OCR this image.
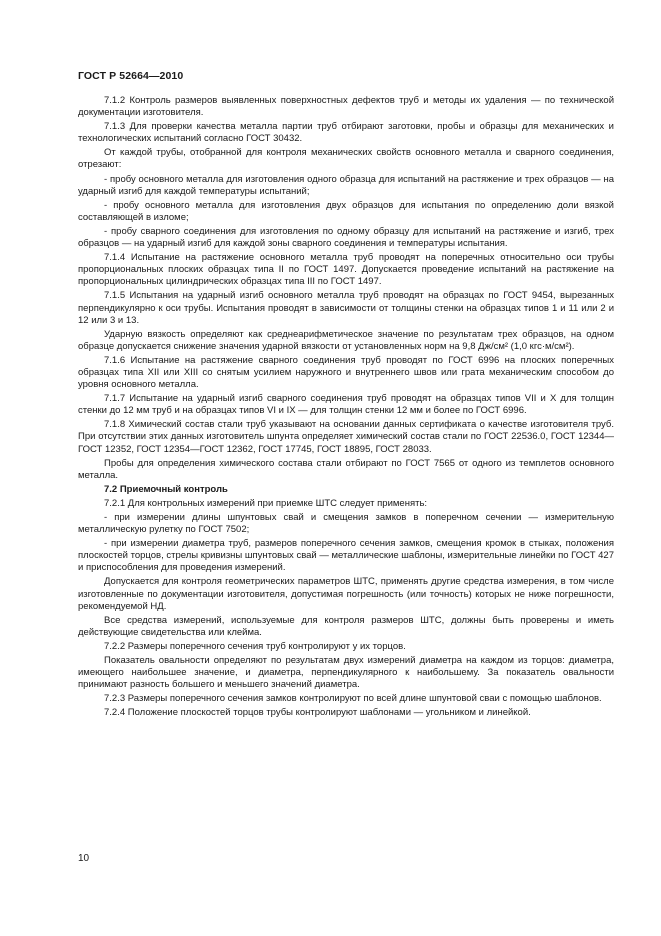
ГОСТ Р 52664—2010

7.1.2 Контроль размеров выявленных поверхностных дефектов труб и методы их удаления — по технической документации изготовителя.

7.1.3 Для проверки качества металла партии труб отбирают заготовки, пробы и образцы для механических и технологических испытаний согласно ГОСТ 30432.

От каждой трубы, отобранной для контроля механических свойств основного металла и сварного соединения, отрезают:

- пробу основного металла для изготовления одного образца для испытаний на растяжение и трех образцов — на ударный изгиб для каждой температуры испытаний;

- пробу основного металла для изготовления двух образцов для испытания по определению доли вязкой составляющей в изломе;

- пробу сварного соединения для изготовления по одному образцу для испытаний на растяжение и изгиб, трех образцов — на ударный изгиб для каждой зоны сварного соединения и температуры испытания.

7.1.4 Испытание на растяжение основного металла труб проводят на поперечных относительно оси трубы пропорциональных плоских образцах типа II по ГОСТ 1497. Допускается проведение испытаний на растяжение на пропорциональных цилиндрических образцах типа III по ГОСТ 1497.

7.1.5 Испытания на ударный изгиб основного металла труб проводят на образцах по ГОСТ 9454, вырезанных перпендикулярно к оси трубы. Испытания проводят в зависимости от толщины стенки на образцах типов 1 и 11 или 2 и 12 или 3 и 13.

Ударную вязкость определяют как среднеарифметическое значение по результатам трех образцов, на одном образце допускается снижение значения ударной вязкости от установленных норм на 9,8 Дж/см² (1,0 кгс·м/см²).

7.1.6 Испытание на растяжение сварного соединения труб проводят по ГОСТ 6996 на плоских поперечных образцах типа XII или XIII со снятым усилием наружного и внутреннего швов или грата механическим способом до уровня основного металла.

7.1.7 Испытание на ударный изгиб сварного соединения труб проводят на образцах типов VII и X для толщин стенки до 12 мм труб и на образцах типов VI и IX — для толщин стенки 12 мм и более по ГОСТ 6996.

7.1.8 Химический состав стали труб указывают на основании данных сертификата о качестве изготовителя труб. При отсутствии этих данных изготовитель шпунта определяет химический состав стали по ГОСТ 22536.0, ГОСТ 12344—ГОСТ 12352, ГОСТ 12354—ГОСТ 12362, ГОСТ 17745, ГОСТ 18895, ГОСТ 28033.

Пробы для определения химического состава стали отбирают по ГОСТ 7565 от одного из темплетов основного металла.

7.2 Приемочный контроль

7.2.1 Для контрольных измерений при приемке ШТС следует применять:

- при измерении длины шпунтовых свай и смещения замков в поперечном сечении — измерительную металлическую рулетку по ГОСТ 7502;

- при измерении диаметра труб, размеров поперечного сечения замков, смещения кромок в стыках, положения плоскостей торцов, стрелы кривизны шпунтовых свай — металлические шаблоны, измерительные линейки по ГОСТ 427 и приспособления для проведения измерений.

Допускается для контроля геометрических параметров ШТС, применять другие средства измерения, в том числе изготовленные по документации изготовителя, допустимая погрешность (или точность) которых не ниже погрешности, рекомендуемой НД.

Все средства измерений, используемые для контроля размеров ШТС, должны быть проверены и иметь действующие свидетельства или клейма.

7.2.2 Размеры поперечного сечения труб контролируют у их торцов.

Показатель овальности определяют по результатам двух измерений диаметра на каждом из торцов: диаметра, имеющего наибольшее значение, и диаметра, перпендикулярного к наибольшему. За показатель овальности принимают разность большего и меньшего значений диаметра.

7.2.3 Размеры поперечного сечения замков контролируют по всей длине шпунтовой сваи с помощью шаблонов.

7.2.4 Положение плоскостей торцов трубы контролируют шаблонами — угольником и линейкой.

10
